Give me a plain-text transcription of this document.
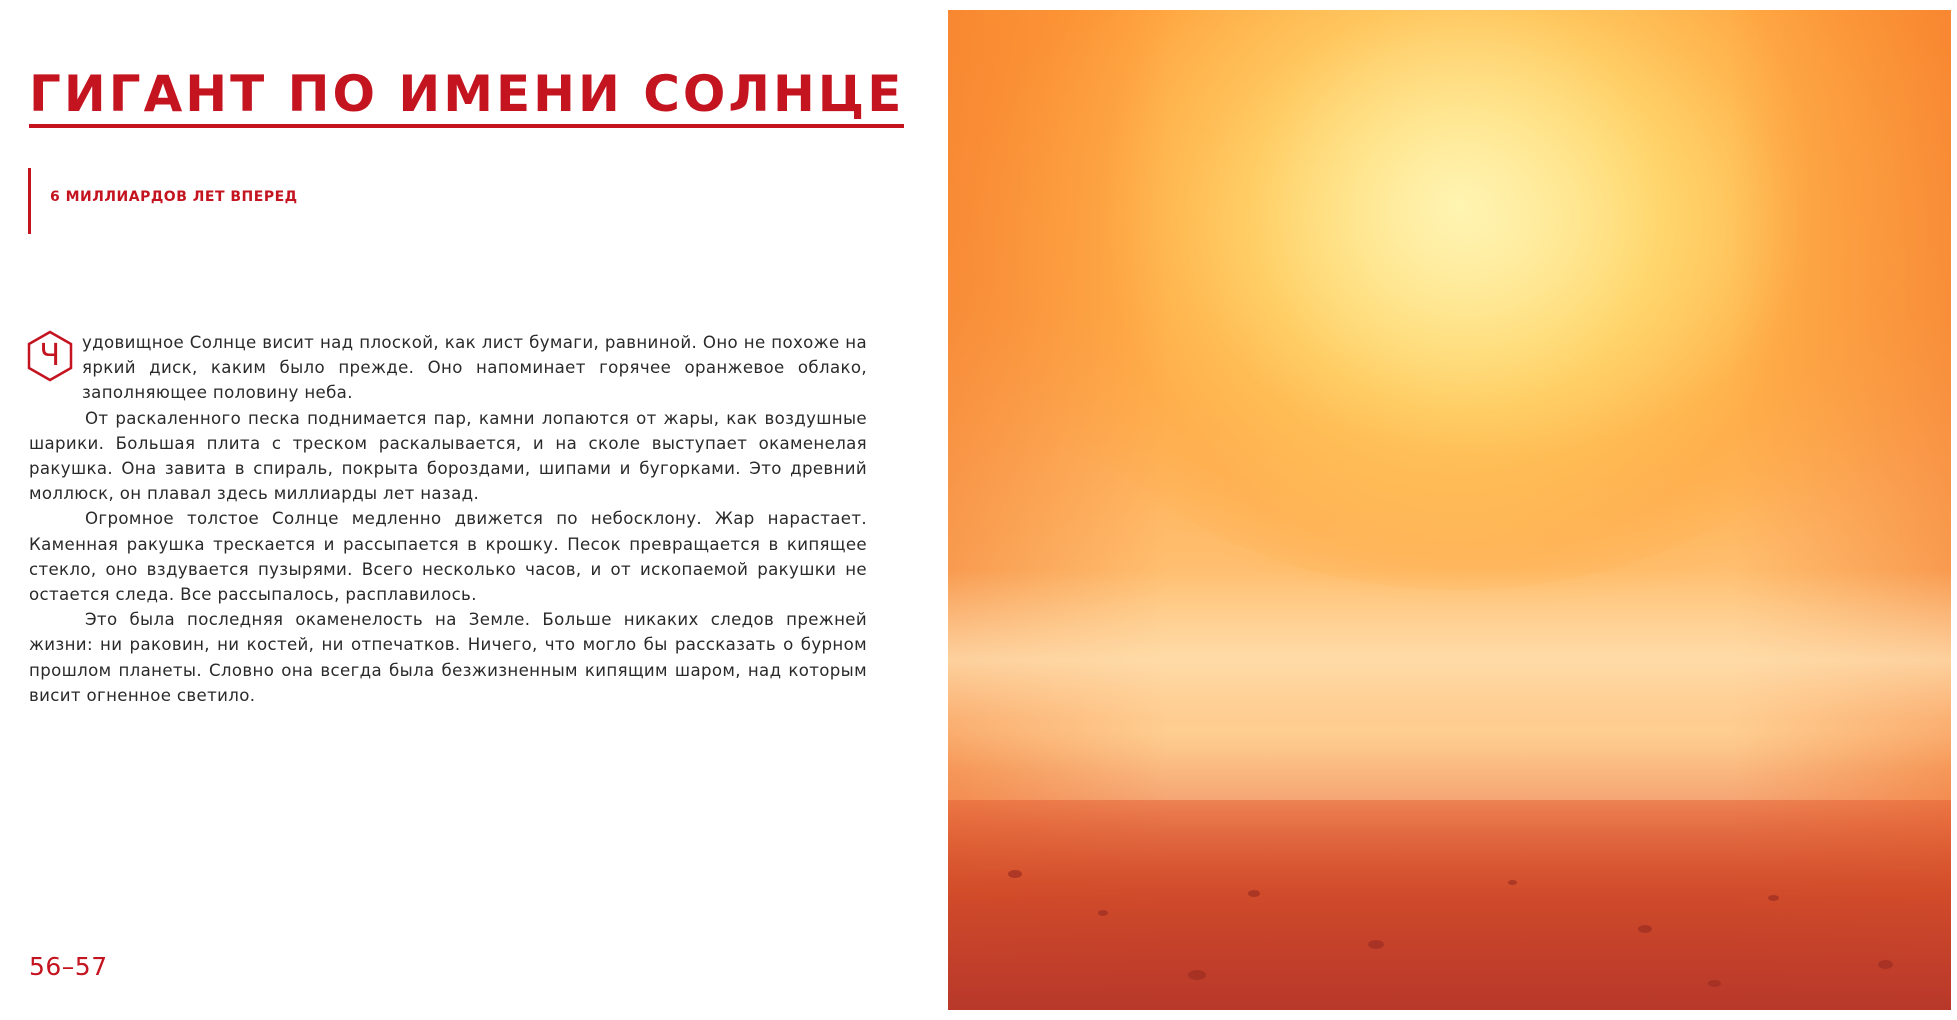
ГИГАНТ ПО ИМЕНИ СОЛНЦЕ
6 МИЛЛИАРДОВ ЛЕТ ВПЕРЕД

Ч	удовищное Солнце висит над плоской, как лист бумаги, равниной. Оно не похоже на яркий диск, каким было прежде. Оно напоминает горячее оранжевое облако, заполняющее половину неба.

От раскаленного песка поднимается пар, камни лопаются от жары, как воздушные шарики. Большая плита с треском раскалывается, и на сколе выступает окаменелая ракушка. Она завита в спираль, покрыта бороздами, шипами и бугорками. Это древний моллюск, он плавал здесь миллиарды лет назад.

Огромное толстое Солнце медленно движется по небосклону. Жар нарастает. Каменная ракушка трескается и рассыпается в крошку. Песок превращается в кипящее стекло, оно вздувается пузырями. Всего несколько часов, и от ископаемой ракушки не остается следа. Все рассыпалось, расплавилось.

Это была последняя окаменелость на Земле. Больше никаких следов прежней жизни: ни раковин, ни костей, ни отпечатков. Ничего, что могло бы рассказать о бурном прошлом планеты. Словно она всегда была безжизненным кипящим шаром, над которым висит огненное светило.

56–57
